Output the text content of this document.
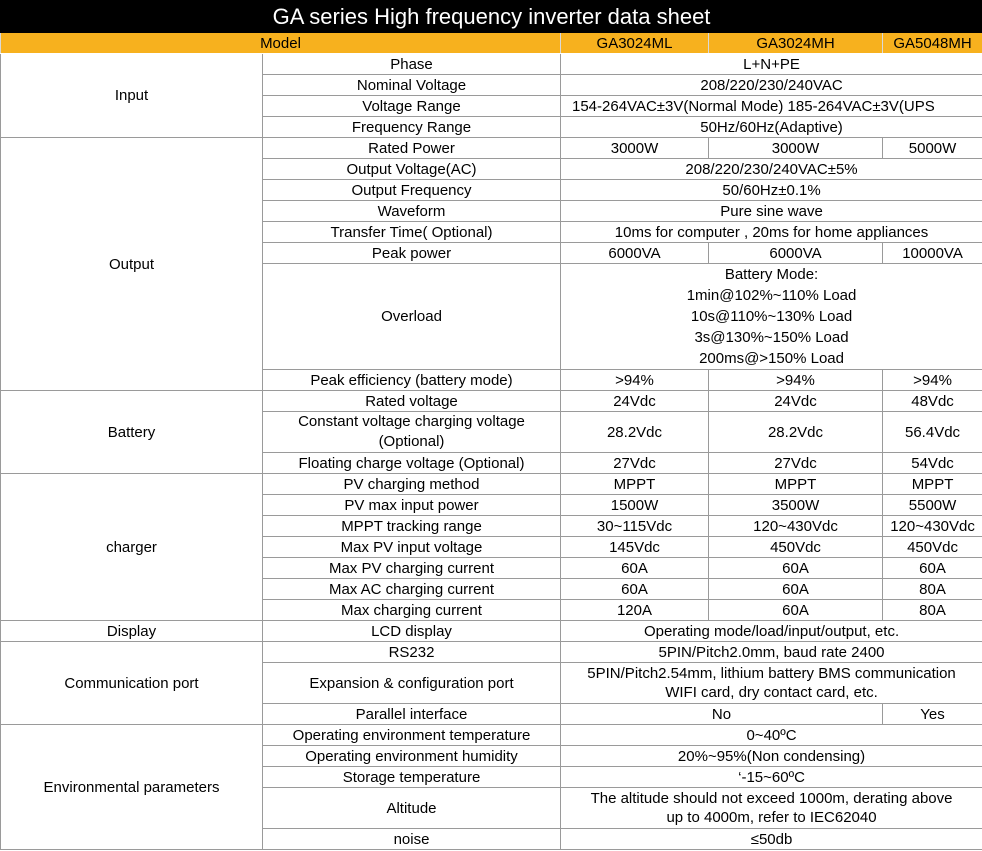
GA series High frequency inverter data sheet				
Model		GA3024ML	GA3024MH	GA5048MH
Input	Phase	L+N+PE		
	Nominal Voltage	208/220/230/240VAC		
	Voltage Range	154-264VAC±3V(Normal Mode) 185-264VAC±3V(UPS		
	Frequency Range	50Hz/60Hz(Adaptive)		
Output	Rated Power	3000W	3000W	5000W
	Output Voltage(AC)	208/220/230/240VAC±5%		
	Output Frequency	50/60Hz±0.1%		
	Waveform	Pure sine wave		
	Transfer Time( Optional)	10ms for computer , 20ms for home appliances		
	Peak power	6000VA	6000VA	10000VA
	Overload	Battery Mode:
1min@102%~110% Load
10s@110%~130% Load
3s@130%~150% Load
200ms@>150% Load		

	Peak efficiency (battery mode)	>94%	>94%	>94%
Battery	Rated voltage	24Vdc	24Vdc	48Vdc
	Constant voltage charging voltage (Optional)	28.2Vdc	28.2Vdc	56.4Vdc
	Floating charge voltage (Optional)	27Vdc	27Vdc	54Vdc
charger	PV charging method	MPPT	MPPT	MPPT
	PV max input power	1500W	3500W	5500W
	MPPT tracking range	30~115Vdc	120~430Vdc	120~430Vdc
	Max PV input voltage	145Vdc	450Vdc	450Vdc
	Max PV charging current	60A	60A	60A
	Max AC charging current	60A	60A	80A
	Max charging current	120A	60A	80A
Display	LCD display	Operating mode/load/input/output, etc.		
Communication port	RS232	5PIN/Pitch2.0mm, baud rate 2400		
	Expansion & configuration port	5PIN/Pitch2.54mm, lithium battery BMS communication
WIFI card, dry contact card, etc.		

	Parallel interface	No		Yes
Environmental parameters	Operating environment temperature	0~40ºC		
	Operating environment humidity	20%~95%(Non condensing)		
	Storage temperature	‘-15~60ºC		
	Altitude	The altitude should not exceed 1000m, derating above
up to 4000m, refer to IEC62040		

	noise	≤50db		
